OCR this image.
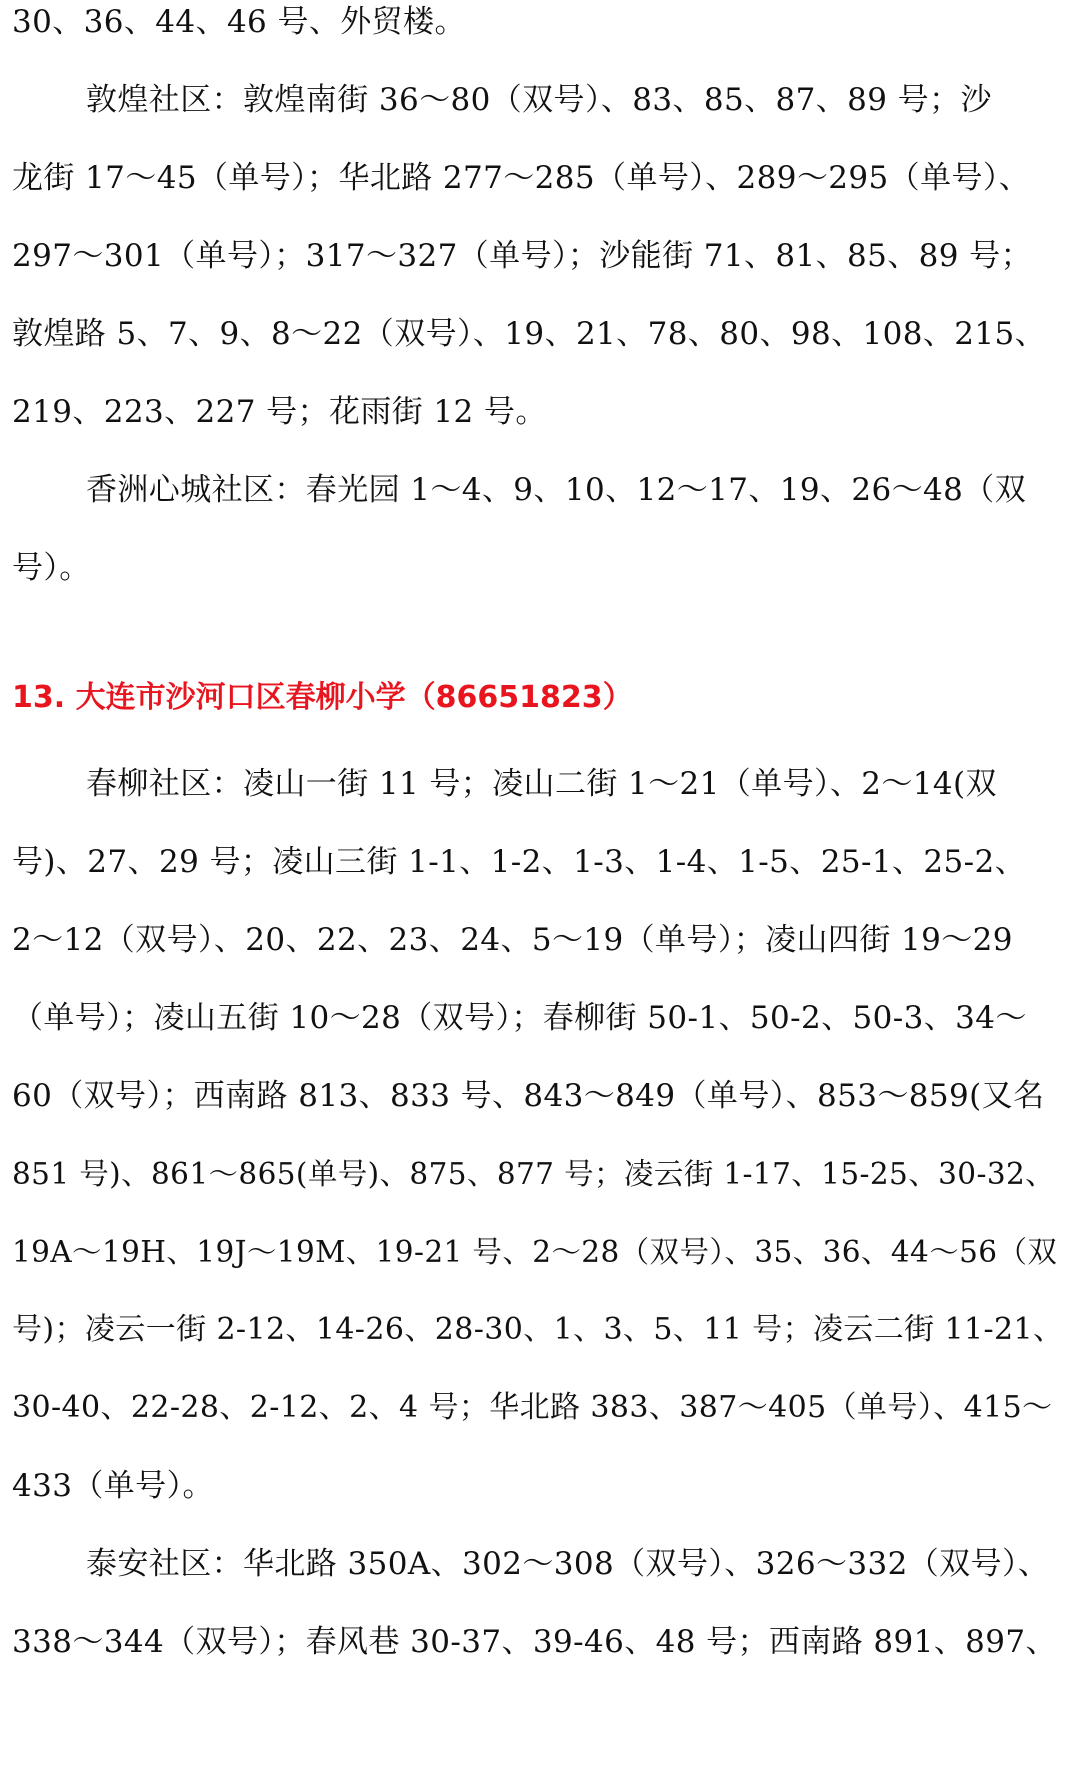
30、36、44、46 号、外贸楼。
敦煌社区：敦煌南街 36～80（双号）、83、85、87、89 号；沙
龙街 17～45（单号）；华北路 277～285（单号）、289～295（单号）、
297～301（单号）；317～327（单号）；沙能街 71、81、85、89 号；
敦煌路 5、7、9、8～22（双号）、19、21、78、80、98、108、215、
219、223、227 号；花雨街 12 号。
香洲心城社区：春光园 1～4、9、10、12～17、19、26～48（双
号）。
13. 大连市沙河口区春柳小学（86651823）
春柳社区：凌山一街 11 号；凌山二街 1～21（单号）、2～14(双
号)、27、29 号；凌山三街 1-1、1-2、1-3、1-4、1-5、25-1、25-2、
2～12（双号）、20、22、23、24、5～19（单号）；凌山四街 19～29
（单号）；凌山五街 10～28（双号）；春柳街 50-1、50-2、50-3、34～
60（双号）；西南路 813、833 号、843～849（单号）、853～859(又名
851 号)、861～865(单号)、875、877 号；凌云街 1-17、15-25、30-32、
19A～19H、19J～19M、19-21 号、2～28（双号）、35、36、44～56（双
号)；凌云一街 2-12、14-26、28-30、1、3、5、11 号；凌云二街 11-21、
30-40、22-28、2-12、2、4 号；华北路 383、387～405（单号）、415～
433（单号）。
泰安社区：华北路 350A、302～308（双号）、326～332（双号）、
338～344（双号）；春风巷 30-37、39-46、48 号；西南路 891、897、
